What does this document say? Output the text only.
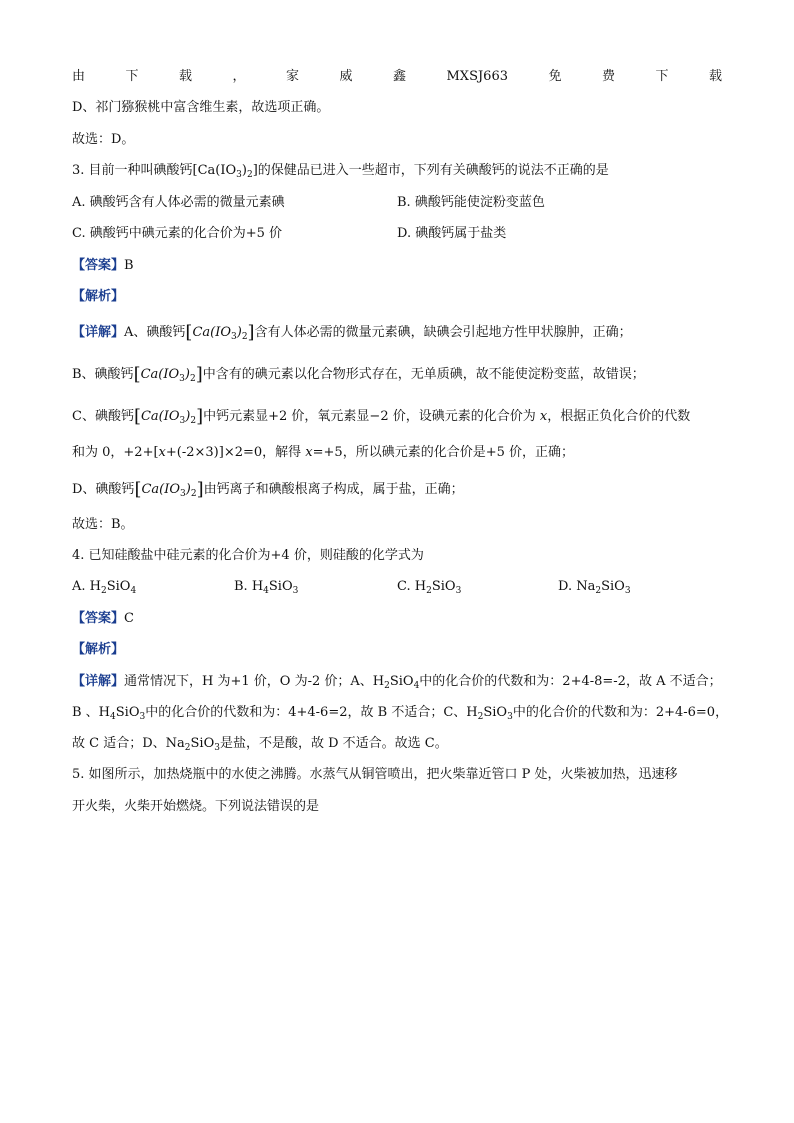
由	下	载	，	家	威	鑫	MXSJ663	免	费	下	载
D、祁门猕猴桃中富含维生素，故选项正确。
故选：D。
3. 目前一种叫碘酸钙$[Ca(IO_3)_2]$的保健品已进入一些超市，下列有关碘酸钙的说法不正确的是
A. 碘酸钙含有人体必需的微量元素碘	B. 碘酸钙能使淀粉变蓝色
C. 碘酸钙中碘元素的化合价为+5 价	D. 碘酸钙属于盐类
【答案】B
【解析】
【详解】A、碘酸钙$[Ca(IO_3)_2]$含有人体必需的微量元素碘，缺碘会引起地方性甲状腺肿，正确；
B、碘酸钙$[Ca(IO_3)_2]$中含有的碘元素以化合物形式存在，无单质碘，故不能使淀粉变蓝，故错误；
C、碘酸钙$[Ca(IO_3)_2]$中钙元素显+2 价，氧元素显−2 价，设碘元素的化合价为 x，根据正负化合价的代数
和为 0，+2+[x+(-2×3)]×2=0，解得 x=+5，所以碘元素的化合价是+5 价，正确；
D、碘酸钙$[Ca(IO_3)_2]$由钙离子和碘酸根离子构成，属于盐，正确；
故选：B。
4. 已知硅酸盐中硅元素的化合价为+4 价，则硅酸的化学式为
A. $H_2SiO_4$	B. $H_4SiO_3$	C. $H_2SiO_3$	D. $Na_2SiO_3$
【答案】C
【解析】
【详解】通常情况下，H 为+1 价，O 为-2 价；A、$H_2SiO_4$中的化合价的代数和为：2+4-8=-2，故 A 不适合；
B 、$H_4SiO_3$中的化合价的代数和为：4+4-6=2，故 B 不适合；C、$H_2SiO_3$中的化合价的代数和为：2+4-6=0，
故 C 适合；D、$Na_2SiO_3$是盐，不是酸，故 D 不适合。故选 C。
5. 如图所示，加热烧瓶中的水使之沸腾。水蒸气从铜管喷出，把火柴靠近管口 P 处，火柴被加热，迅速移
开火柴，火柴开始燃烧。下列说法错误的是
